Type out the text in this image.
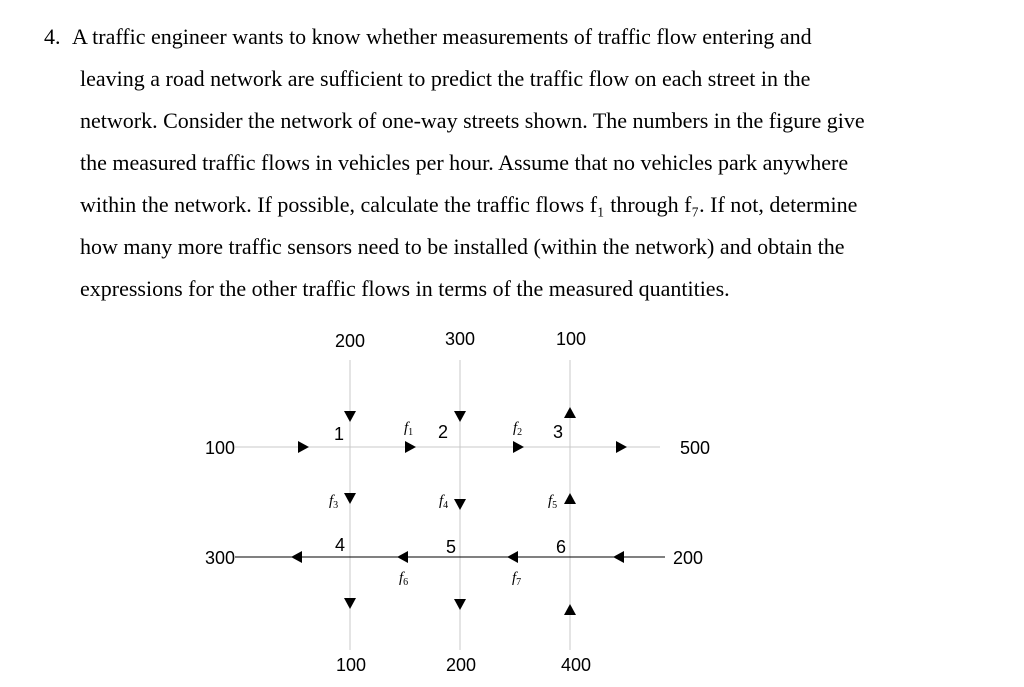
4. A traffic engineer wants to know whether measurements of traffic flow entering and
leaving a road network are sufficient to predict the traffic flow on each street in the
network. Consider the network of one-way streets shown. The numbers in the figure give
the measured traffic flows in vehicles per hour. Assume that no vehicles park anywhere
within the network. If possible, calculate the traffic flows f₁ through f₇. If not, determine
how many more traffic sensors need to be installed (within the network) and obtain the
expressions for the other traffic flows in terms of the measured quantities.
200	300	100
100
300
500
200
100	200	400
1	2	3
4	5	6
$f_1$	$f_2$
$f_3$	$f_4$	$f_5$
$f_6$	$f_7$
